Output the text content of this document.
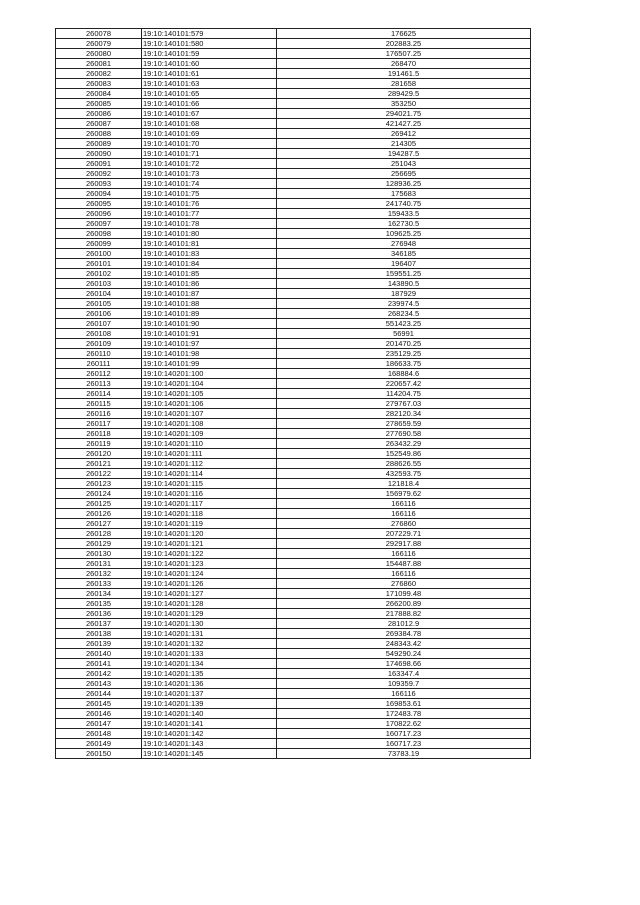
260078	19:10:140101:579	176625
260079	19:10:140101:580	202883.25
260080	19:10:140101:59	176507.25
260081	19:10:140101:60	268470
260082	19:10:140101:61	191461.5
260083	19:10:140101:63	281658
260084	19:10:140101:65	289429.5
260085	19:10:140101:66	353250
260086	19:10:140101:67	294021.75
260087	19:10:140101:68	421427.25
260088	19:10:140101:69	269412
260089	19:10:140101:70	214305
260090	19:10:140101:71	194287.5
260091	19:10:140101:72	251043
260092	19:10:140101:73	256695
260093	19:10:140101:74	128936.25
260094	19:10:140101:75	175683
260095	19:10:140101:76	241740.75
260096	19:10:140101:77	159433.5
260097	19:10:140101:78	162730.5
260098	19:10:140101:80	109625.25
260099	19:10:140101:81	276948
260100	19:10:140101:83	346185
260101	19:10:140101:84	196407
260102	19:10:140101:85	159551.25
260103	19:10:140101:86	143890.5
260104	19:10:140101:87	187929
260105	19:10:140101:88	239974.5
260106	19:10:140101:89	268234.5
260107	19:10:140101:90	551423.25
260108	19:10:140101:91	56991
260109	19:10:140101:97	201470.25
260110	19:10:140101:98	235129.25
260111	19:10:140101:99	186633.75
260112	19:10:140201:100	168884.6
260113	19:10:140201:104	220657.42
260114	19:10:140201:105	114204.75
260115	19:10:140201:106	279767.03
260116	19:10:140201:107	282120.34
260117	19:10:140201:108	278659.59
260118	19:10:140201:109	277690.58
260119	19:10:140201:110	263432.29
260120	19:10:140201:111	152549.86
260121	19:10:140201:112	288626.55
260122	19:10:140201:114	432593.75
260123	19:10:140201:115	121818.4
260124	19:10:140201:116	156979.62
260125	19:10:140201:117	166116
260126	19:10:140201:118	166116
260127	19:10:140201:119	276860
260128	19:10:140201:120	207229.71
260129	19:10:140201:121	292917.88
260130	19:10:140201:122	166116
260131	19:10:140201:123	154487.88
260132	19:10:140201:124	166116
260133	19:10:140201:126	276860
260134	19:10:140201:127	171099.48
260135	19:10:140201:128	266200.89
260136	19:10:140201:129	217888.82
260137	19:10:140201:130	281012.9
260138	19:10:140201:131	269384.78
260139	19:10:140201:132	248343.42
260140	19:10:140201:133	549290.24
260141	19:10:140201:134	174698.66
260142	19:10:140201:135	163347.4
260143	19:10:140201:136	109359.7
260144	19:10:140201:137	166116
260145	19:10:140201:139	169853.61
260146	19:10:140201:140	172483.78
260147	19:10:140201:141	170822.62
260148	19:10:140201:142	160717.23
260149	19:10:140201:143	160717.23
260150	19:10:140201:145	73783.19
